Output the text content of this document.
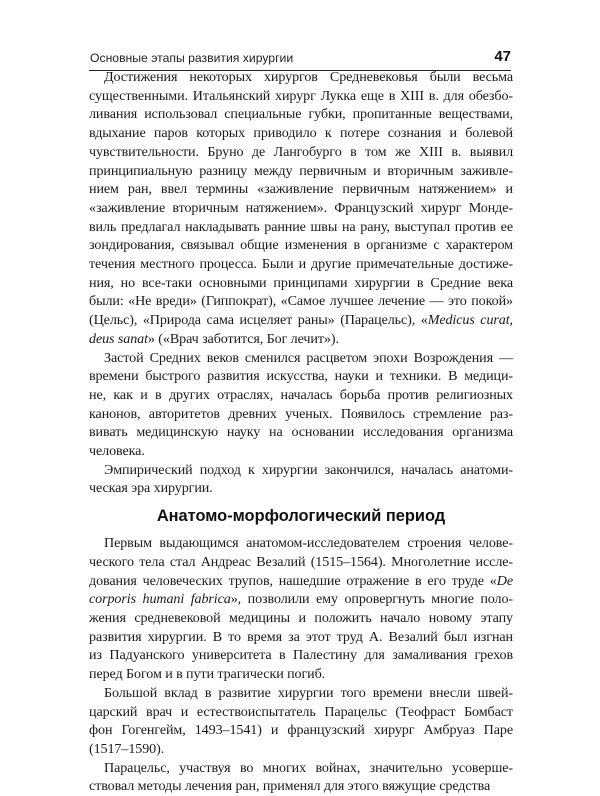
Основные этапы развития хирургии	47

Достижения некоторых хирургов Средневековья были весьма

существенными. Итальянский хирург Лукка еще в XIII в. для обезбо-

ливания использовал специальные губки, пропитанные веществами,

вдыхание паров которых приводило к потере сознания и болевой

чувствительности. Бруно де Лангобурго в том же XIII в. выявил

принципиальную разницу между первичным и вторичным заживле-

нием ран, ввел термины «заживление первичным натяжением» и

«заживление вторичным натяжением». Французский хирург Монде-

виль предлагал накладывать ранние швы на рану, выступал против ее

зондирования, связывал общие изменения в организме с характером

течения местного процесса. Были и другие примечательные достиже-

ния, но все-таки основными принципами хирургии в Средние века

были: «Не вреди» (Гиппократ), «Самое лучшее лечение — это покой»

(Цельс), «Природа сама исцеляет раны» (Парацельс), «Medicus curat,

deus sanat» («Врач заботится, Бог лечит»).

Застой Средних веков сменился расцветом эпохи Возрождения —

времени быстрого развития искусства, науки и техники. В медици-

не, как и в других отраслях, началась борьба против религиозных

канонов, авторитетов древних ученых. Появилось стремление раз-

вивать медицинскую науку на основании исследования организма

человека.

Эмпирический подход к хирургии закончился, началась анатоми-

ческая эра хирургии.

Анатомо-морфологический период

Первым выдающимся анатомом-исследователем строения челове-

ческого тела стал Андреас Везалий (1515–1564). Многолетние иссле-

дования человеческих трупов, нашедшие отражение в его труде «De

corporis humani fabrica», позволили ему опровергнуть многие поло-

жения средневековой медицины и положить начало новому этапу

развития хирургии. В то время за этот труд А. Везалий был изгнан

из Падуанского университета в Палестину для замаливания грехов

перед Богом и в пути трагически погиб.

Большой вклад в развитие хирургии того времени внесли швей-

царский врач и естествоиспытатель Парацельс (Теофраст Бомбаст

фон Гогенгейм, 1493–1541) и французский хирург Амбруаз Паре

(1517–1590).

Парацельс, участвуя во многих войнах, значительно усоверше-

ствовал методы лечения ран, применял для этого вяжущие средства
